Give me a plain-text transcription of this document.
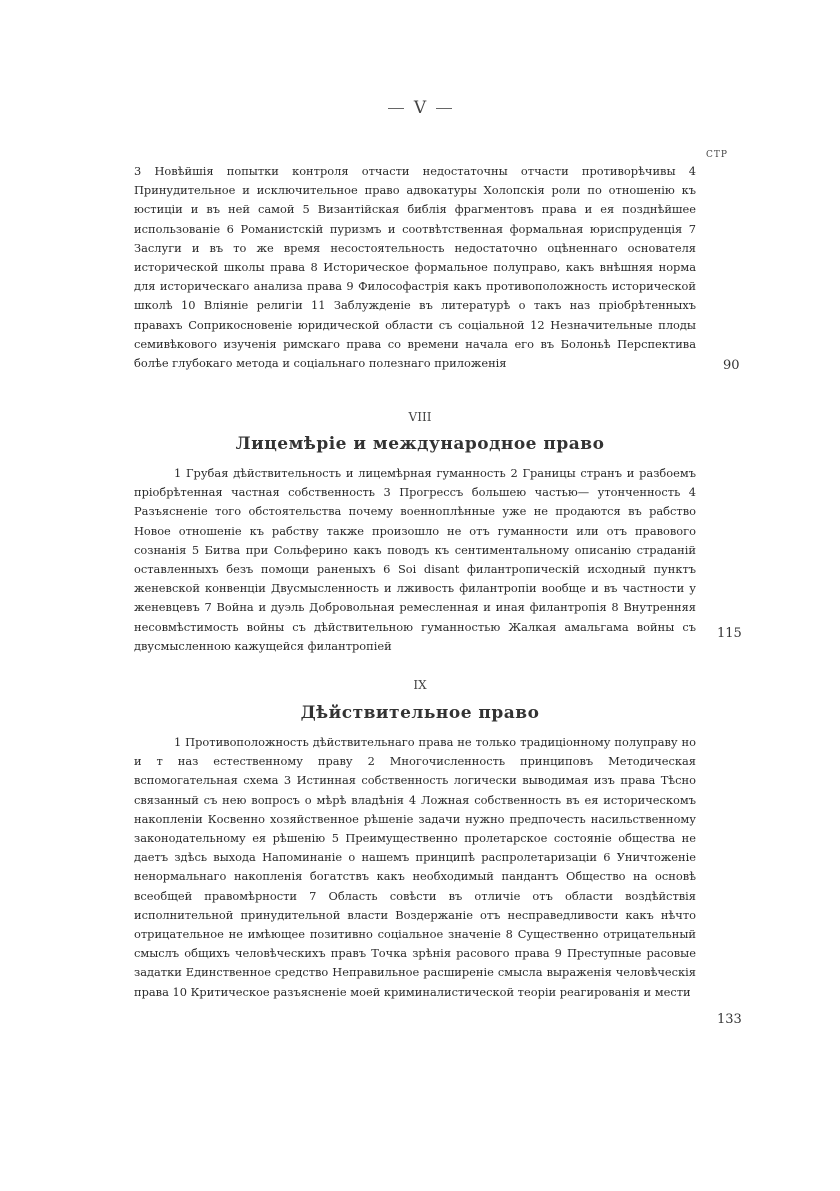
V
СТР

3 Новѣйшія попытки контроля отчасти недостаточны отчасти противорѣчивы 4 Принудительное и исключительное право адвокатуры Холопскія роли по отношенію къ юстиціи и въ ней самой 5 Византійская библія фрагментовъ права и ея позднѣйшее использованіе 6 Романистскій пуризмъ и соотвѣтственная формальная юриспруденція 7 Заслуги и въ то же время несостоятельность недостаточно оцѣненнаго основателя исторической школы права 8 Историческое формальное полуправо, какъ внѣшняя норма для историческаго анализа права 9 Философастрія какъ противоположность исторической школѣ 10 Вліяніе религіи 11 Заблужденіе въ литературѣ о такъ наз пріобрѣтенныхъ правахъ Соприкосновеніе юридической области съ соціальной 12 Незначительные плоды семивѣкового изученія римскаго права со времени начала его въ Болоньѣ Перспектива болѣе глубокаго метода и соціальнаго полезнаго приложенія	90
VIII
Лицемѣріе и международное право

1 Грубая дѣйствительность и лицемѣрная гуманность 2 Границы странъ и разбоемъ пріобрѣтенная частная собственность 3 Прогрессъ большею частью— утонченность 4 Разъясненіе того обстоятельства почему военноплѣнные уже не продаются въ рабство Новое отношеніе къ рабству также произошло не отъ гуманности или отъ правового сознанія 5 Битва при Сольферино какъ поводъ къ сентиментальному описанію страданій оставленныхъ безъ помощи раненыхъ 6 Soi disant филантропическій исходный пунктъ женевской конвенціи Двусмысленность и лживость филантропіи вообще и въ частности у женевцевъ 7 Война и дуэль Добровольная ремесленная и иная филантропія 8 Внутренняя несовмѣстимость войны съ дѣйствительною гуманностью Жалкая амальгама войны съ двусмысленною кажущейся филантропіей

115
IX
Дѣйствительное право

1 Противоположность дѣйствительнаго права не только традиціонному полуправу но и т наз естественному праву 2 Многочисленность принциповъ Методическая вспомогательная схема 3 Истинная собственность логически выводимая изъ права Тѣсно связанный съ нею вопросъ о мѣрѣ владѣнія 4 Ложная собственность въ ея историческомъ накопленіи Косвенно хозяйственное рѣшеніе задачи нужно предпочесть насильственному законодательному ея рѣшенію 5 Преимущественно пролетарское состояніе общества не даетъ здѣсь выхода Напоминаніе о нашемъ принципѣ распролетаризаціи 6 Уничтоженіе ненормальнаго накопленія богатствъ какъ необходимый пандантъ Общество на основѣ всеобщей правомѣрности 7 Область совѣсти въ отличіе отъ области воздѣйствія исполнительной принудительной власти Воздержаніе отъ несправедливости какъ нѣчто отрицательное не имѣющее позитивно соціальное значеніе 8 Существенно отрицательный смыслъ общихъ человѣческихъ правъ Точка зрѣнія расового права 9 Преступные расовые задатки Единственное средство Неправильное расширеніе смысла выраженія человѣческія права 10 Критическое разъясненіе моей криминалистической теоріи реагированія и мести

133
